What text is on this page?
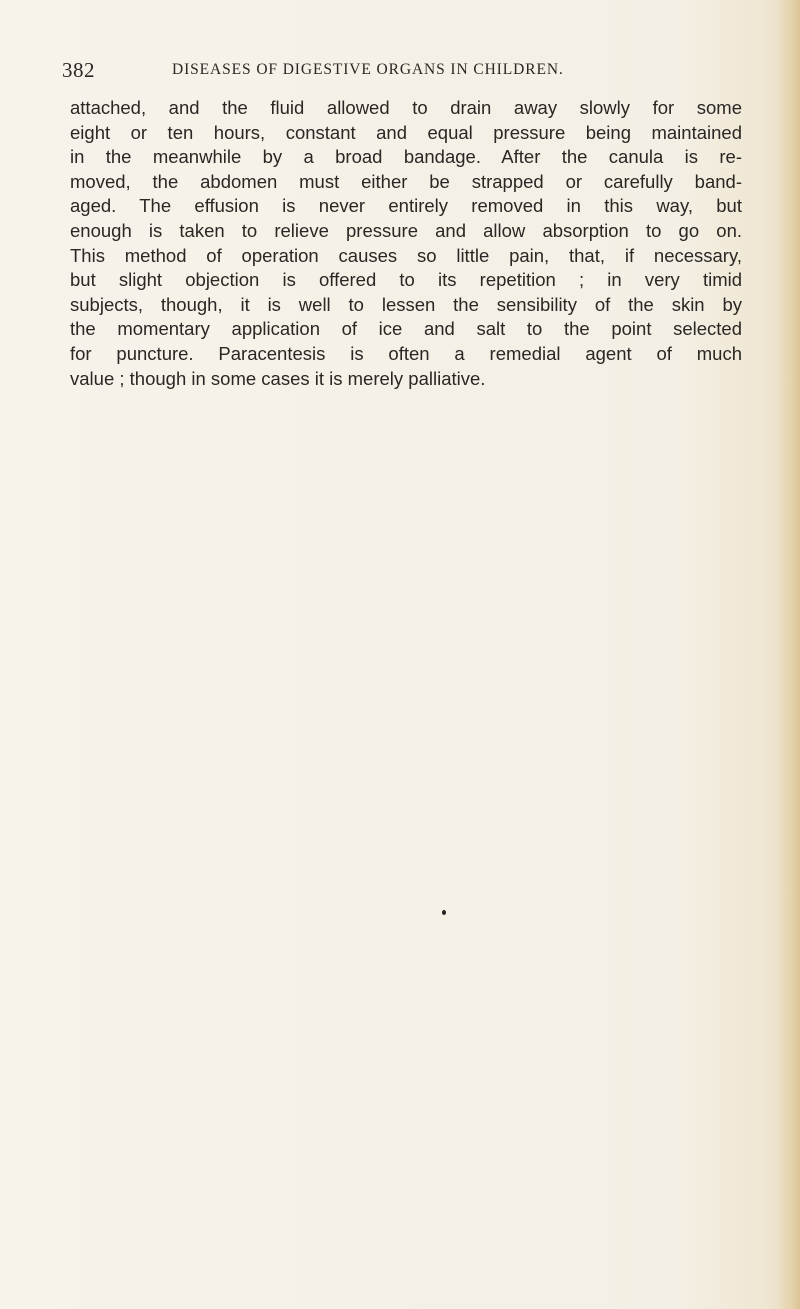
382	DISEASES OF DIGESTIVE ORGANS IN CHILDREN.
attached, and the fluid allowed to drain away slowly for some
eight or ten hours, constant and equal pressure being maintained
in the meanwhile by a broad bandage. After the canula is re-
moved, the abdomen must either be strapped or carefully band-
aged. The effusion is never entirely removed in this way, but
enough is taken to relieve pressure and allow absorption to go on.
This method of operation causes so little pain, that, if necessary,
but slight objection is offered to its repetition ; in very timid
subjects, though, it is well to lessen the sensibility of the skin by
the momentary application of ice and salt to the point selected
for puncture. Paracentesis is often a remedial agent of much
value ; though in some cases it is merely palliative.
